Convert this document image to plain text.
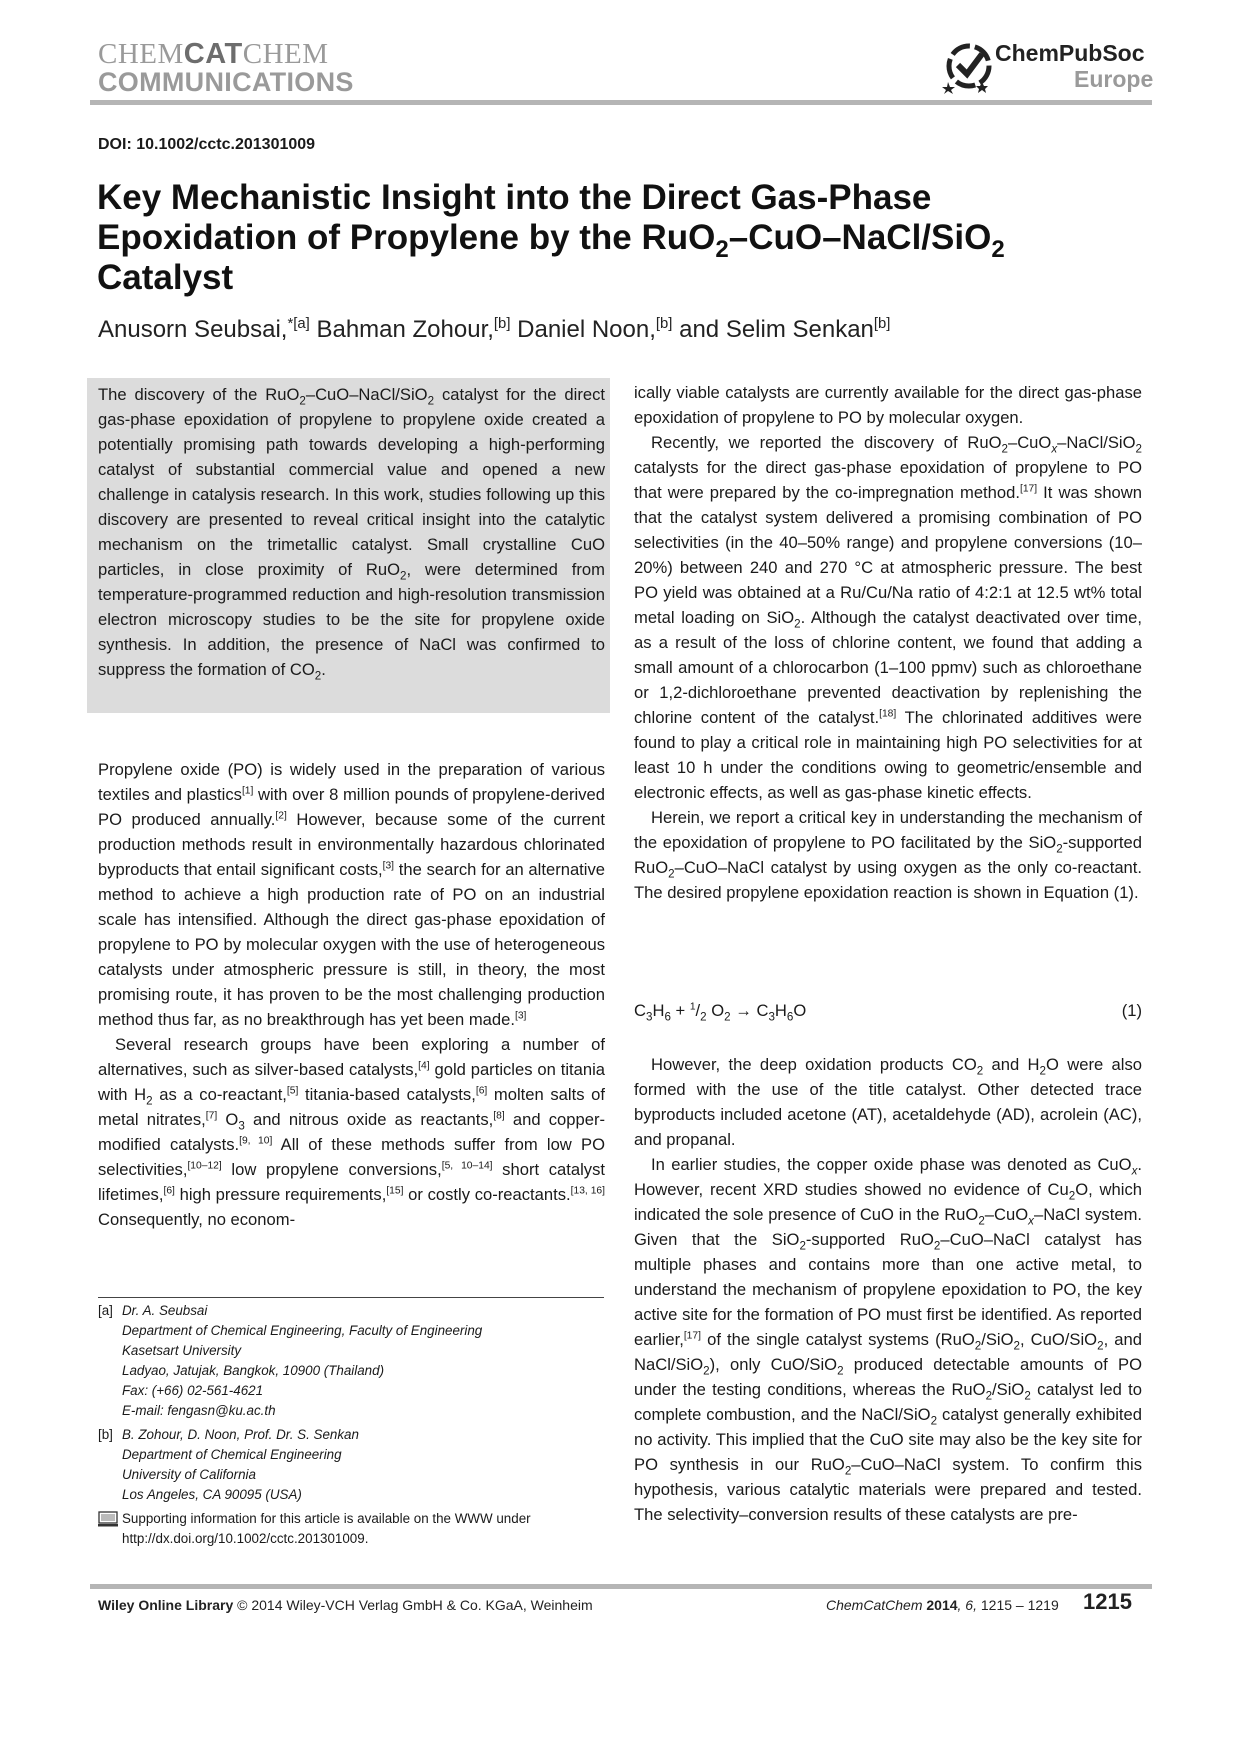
CHEMCATCHEM
COMMUNICATIONS
ChemPubSoc
Europe
DOI: 10.1002/cctc.201301009
Key Mechanistic Insight into the Direct Gas-Phase Epoxidation of Propylene by the RuO$_2$–CuO–NaCl/SiO$_2$ Catalyst
Anusorn Seubsai,$^{*[a]}$ Bahman Zohour,[b] Daniel Noon,[b] and Selim Senkan[b]
The discovery of the RuO$_2$–CuO–NaCl/SiO$_2$ catalyst for the direct gas-phase epoxidation of propylene to propylene oxide created a potentially promising path towards developing a high-performing catalyst of substantial commercial value and opened a new challenge in catalysis research. In this work, studies following up this discovery are presented to reveal critical insight into the catalytic mechanism on the trimetallic catalyst. Small crystalline CuO particles, in close proximity of RuO$_2$, were determined from temperature-programmed reduction and high-resolution transmission electron microscopy studies to be the site for propylene oxide synthesis. In addition, the presence of NaCl was confirmed to suppress the formation of $CO_2$.

Propylene oxide (PO) is widely used in the preparation of various textiles and plastics[1] with over 8 million pounds of propylene-derived PO produced annually.[2] However, because some of the current production methods result in environmentally hazardous chlorinated byproducts that entail significant costs,[3] the search for an alternative method to achieve a high production rate of PO on an industrial scale has intensified. Although the direct gas-phase epoxidation of propylene to PO by molecular oxygen with the use of heterogeneous catalysts under atmospheric pressure is still, in theory, the most promising route, it has proven to be the most challenging production method thus far, as no breakthrough has yet been made.[3]

Several research groups have been exploring a number of alternatives, such as silver-based catalysts,[4] gold particles on titania with $H_2$ as a co-reactant,[5] titania-based catalysts,[6] molten salts of metal nitrates,[7] $O_3$ and nitrous oxide as reactants,[8] and copper-modified catalysts.[9, 10] All of these methods suffer from low PO selectivities,[10–12] low propylene conversions,[5, 10–14] short catalyst lifetimes,[6] high pressure requirements,[15] or costly co-reactants.[13, 16] Consequently, no econom-

ically viable catalysts are currently available for the direct gas-phase epoxidation of propylene to PO by molecular oxygen.

Recently, we reported the discovery of RuO$_2$–CuO$_x$–NaCl/SiO$_2$ catalysts for the direct gas-phase epoxidation of propylene to PO that were prepared by the co-impregnation method.[17] It was shown that the catalyst system delivered a promising combination of PO selectivities (in the 40–50% range) and propylene conversions (10–20%) between 240 and 270 °C at atmospheric pressure. The best PO yield was obtained at a Ru/Cu/Na ratio of 4:2:1 at 12.5 wt% total metal loading on SiO$_2$. Although the catalyst deactivated over time, as a result of the loss of chlorine content, we found that adding a small amount of a chlorocarbon (1–100 ppmv) such as chloroethane or 1,2-dichloroethane prevented deactivation by replenishing the chlorine content of the catalyst.[18] The chlorinated additives were found to play a critical role in maintaining high PO selectivities for at least 10 h under the conditions owing to geometric/ensemble and electronic effects, as well as gas-phase kinetic effects.

Herein, we report a critical key in understanding the mechanism of the epoxidation of propylene to PO facilitated by the SiO$_2$-supported RuO$_2$–CuO–NaCl catalyst by using oxygen as the only co-reactant. The desired propylene epoxidation reaction is shown in Equation (1).

$C_3H_6 + ^1/_2$ $O_2 \to C_3H_6O$	(1)

However, the deep oxidation products $CO_2$ and $H_2O$ were also formed with the use of the title catalyst. Other detected trace byproducts included acetone (AT), acetaldehyde (AD), acrolein (AC), and propanal.

In earlier studies, the copper oxide phase was denoted as CuO$_x$. However, recent XRD studies showed no evidence of $Cu_2O$, which indicated the sole presence of CuO in the RuO$_2$–CuO$_x$–NaCl system. Given that the SiO$_2$-supported RuO$_2$–CuO–NaCl catalyst has multiple phases and contains more than one active metal, to understand the mechanism of propylene epoxidation to PO, the key active site for the formation of PO must first be identified. As reported earlier,[17] of the single catalyst systems (RuO$_2$/SiO$_2$, CuO/SiO$_2$, and NaCl/SiO$_2$), only CuO/SiO$_2$ produced detectable amounts of PO under the testing conditions, whereas the RuO$_2$/SiO$_2$ catalyst led to complete combustion, and the NaCl/SiO$_2$ catalyst generally exhibited no activity. This implied that the CuO site may also be the key site for PO synthesis in our RuO$_2$–CuO–NaCl system. To confirm this hypothesis, various catalytic materials were prepared and tested. The selectivity–conversion results of these catalysts are pre-

[a] Dr. A. Seubsai
Department of Chemical Engineering, Faculty of Engineering
Kasetsart University
Ladyao, Jatujak, Bangkok, 10900 (Thailand)
Fax: (+66) 02-561-4621
E-mail: fengasn@ku.ac.th
[b] B. Zohour, D. Noon, Prof. Dr. S. Senkan
Department of Chemical Engineering
University of California
Los Angeles, CA 90095 (USA)
Supporting information for this article is available on the WWW under
http://dx.doi.org/10.1002/cctc.201301009.
Wiley Online Library © 2014 Wiley-VCH Verlag GmbH & Co. KGaA, Weinheim	ChemCatChem 2014, 6, 1215 – 1219 1215
